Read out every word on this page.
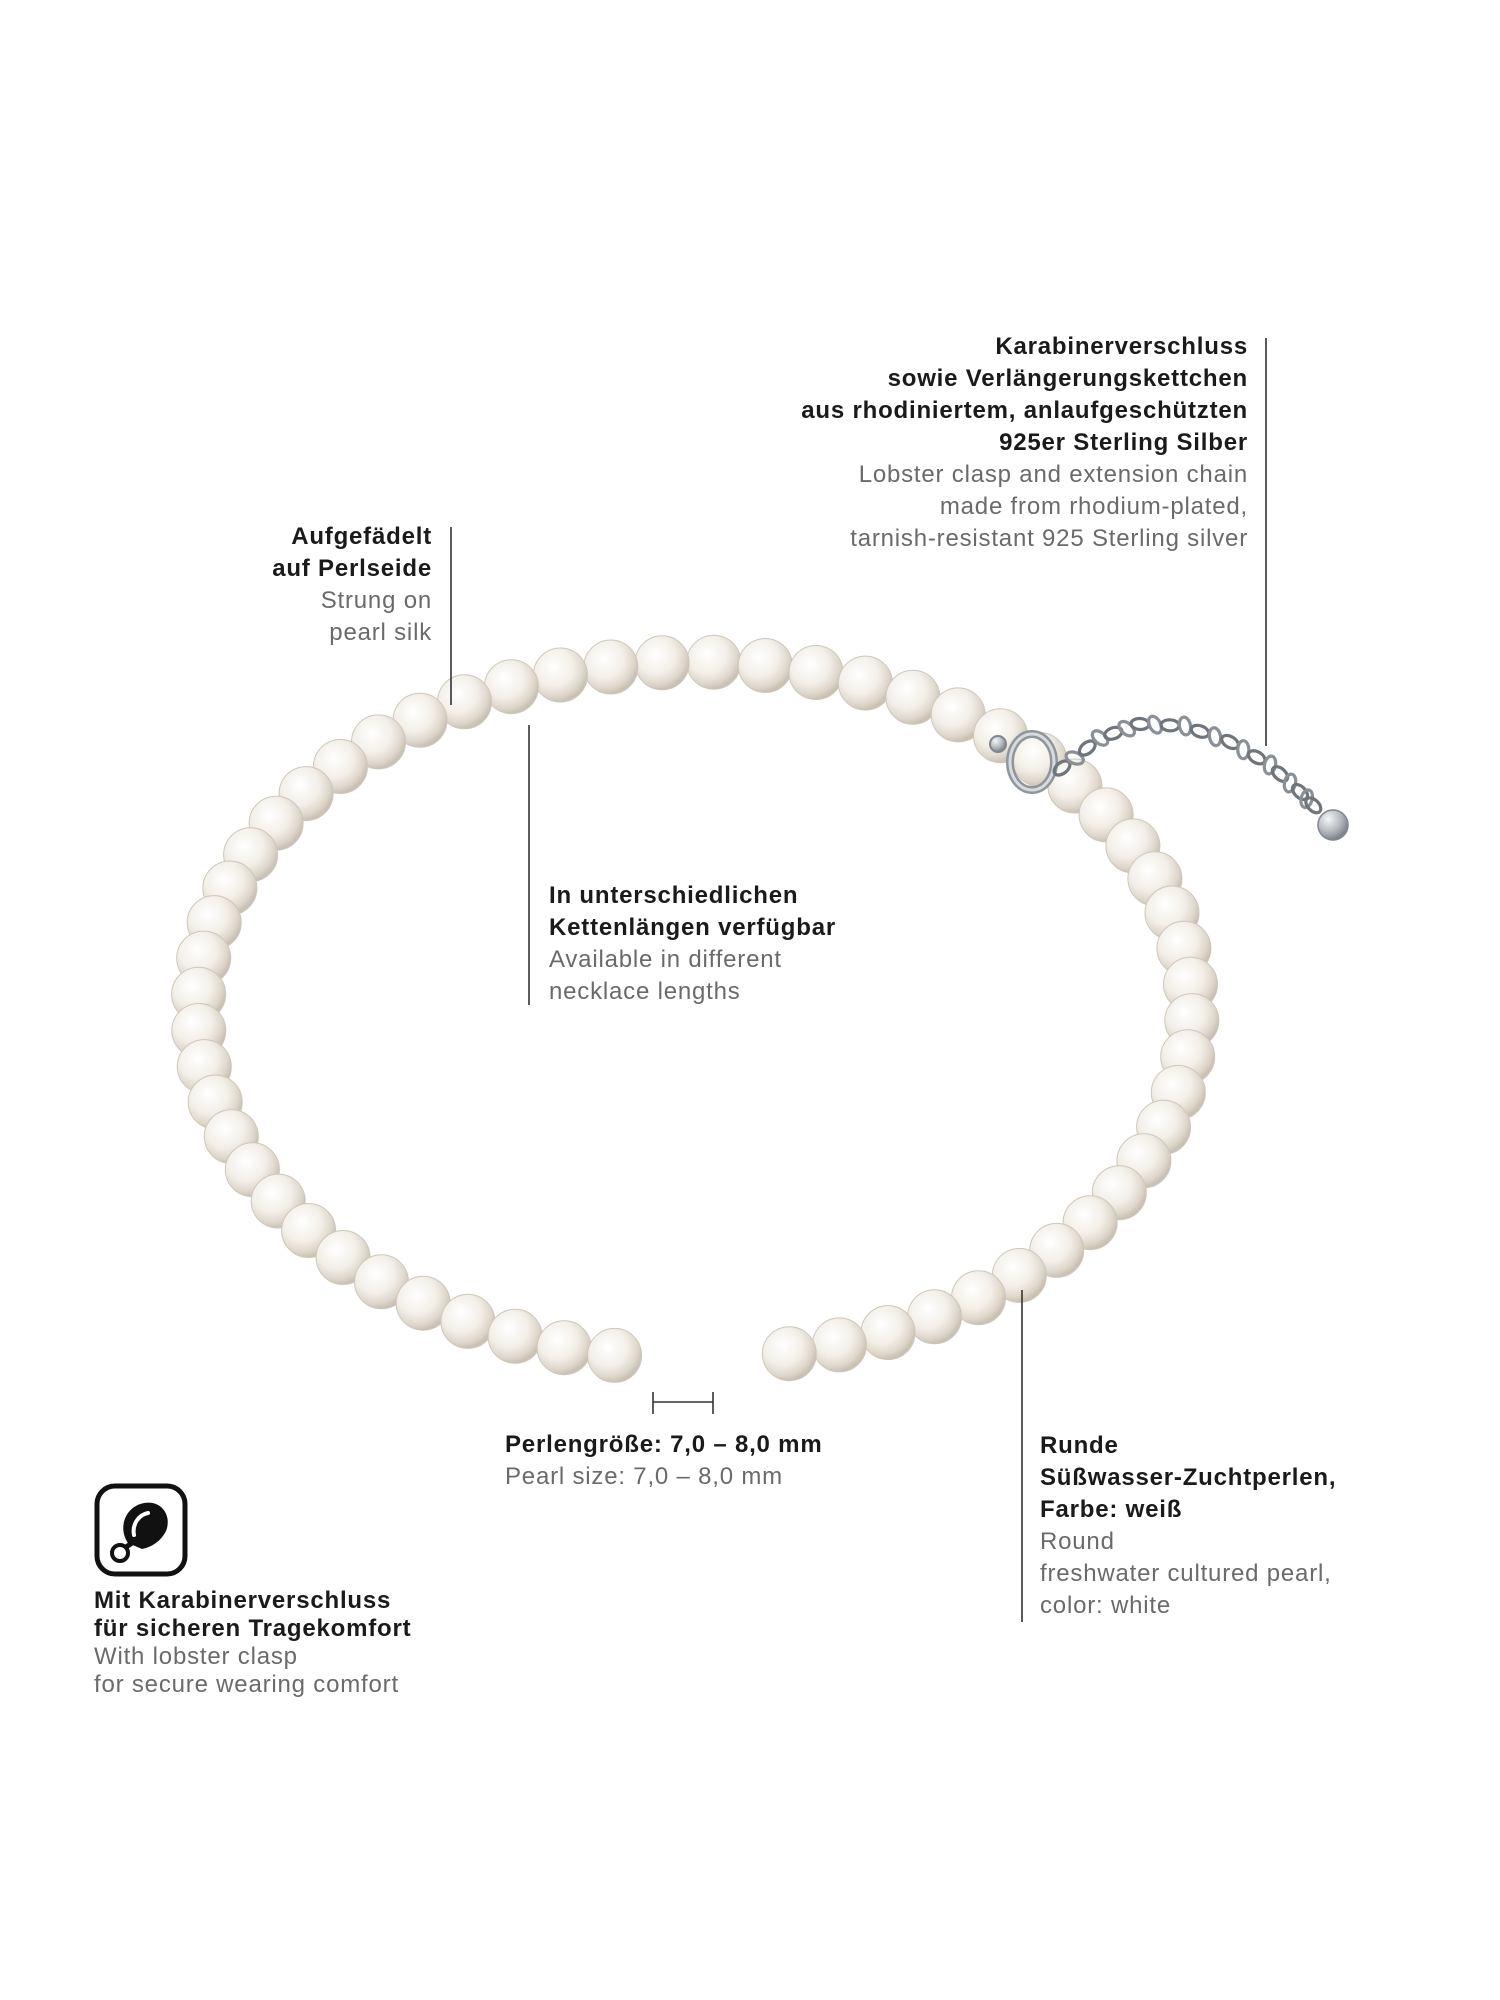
Karabinerverschluss
sowie Verlängerungskettchen
aus rhodiniertem, anlaufgeschützten
925er Sterling Silber
Lobster clasp and extension chain
made from rhodium-plated,
tarnish-resistant 925 Sterling silver
Aufgefädelt
auf Perlseide
Strung on
pearl silk
In unterschiedlichen
Kettenlängen verfügbar
Available in different
necklace lengths
Perlengröße: 7,0 – 8,0 mm
Pearl size: 7,0 – 8,0 mm
Runde
Süßwasser-Zuchtperlen,
Farbe: weiß
Round
freshwater cultured pearl,
color: white
Mit Karabinerverschluss
für sicheren Tragekomfort
With lobster clasp
for secure wearing comfort
